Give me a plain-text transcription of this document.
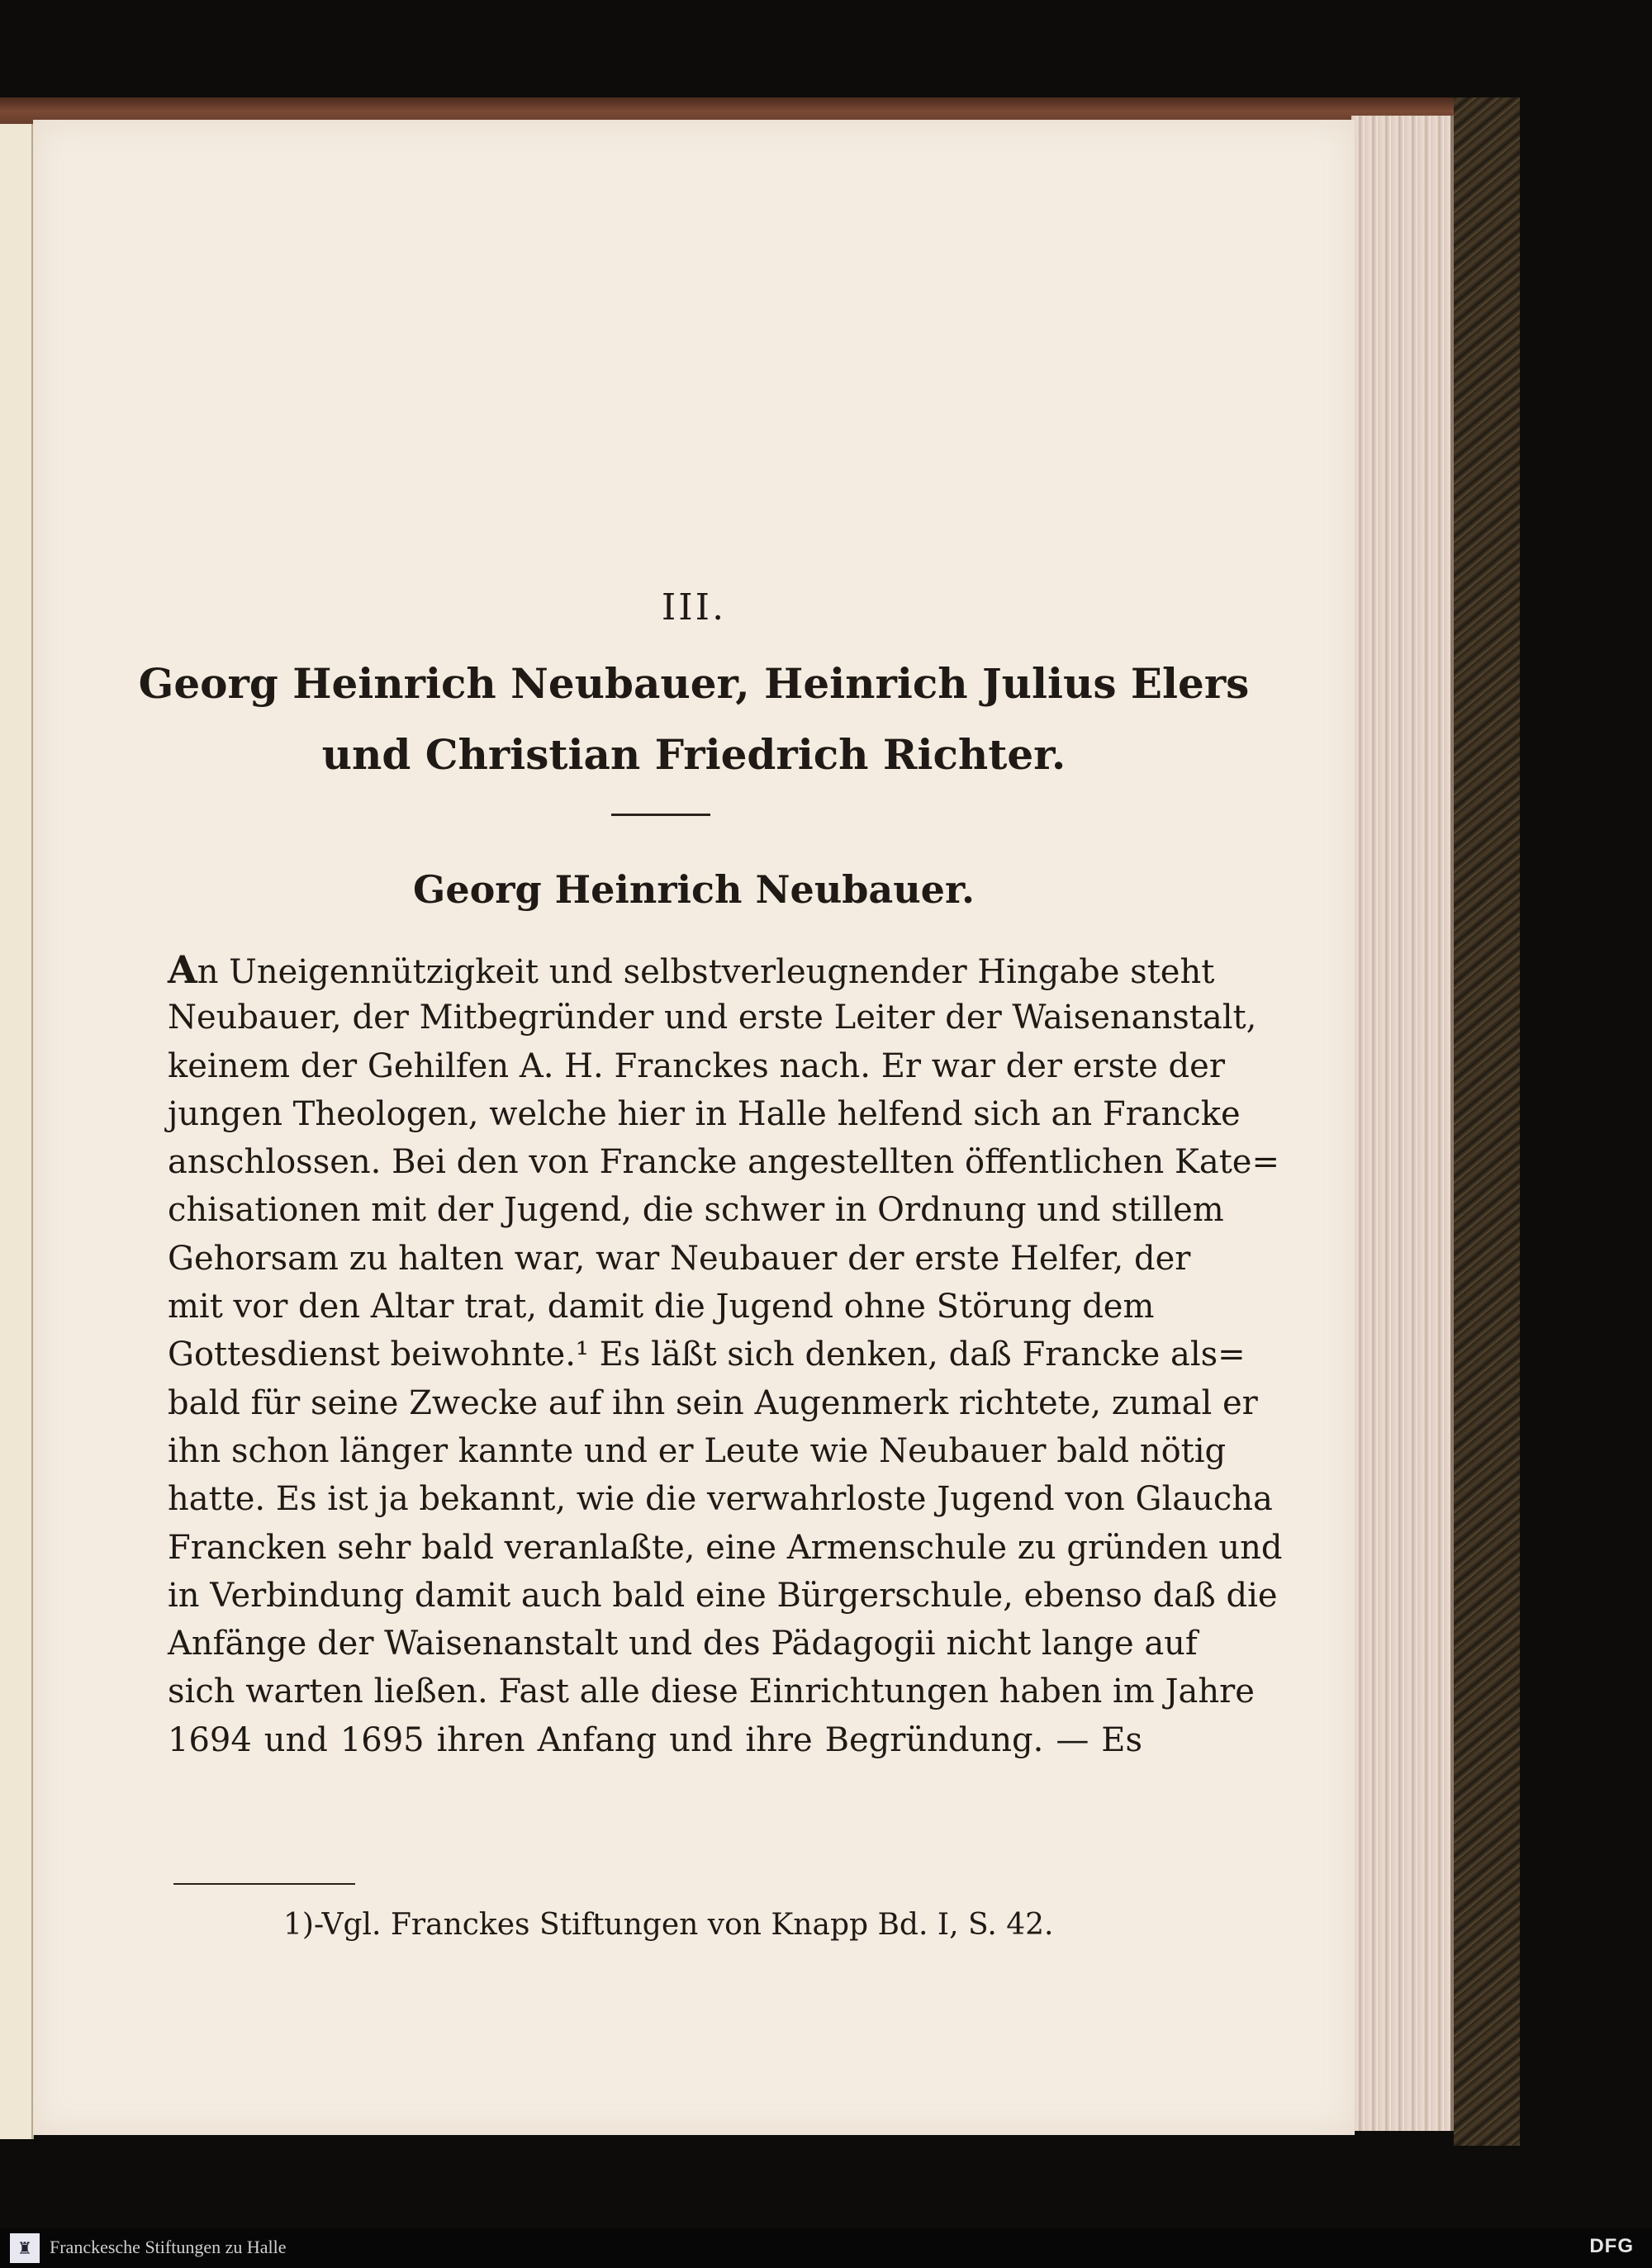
III.
Georg Heinrich Neubauer, Heinrich Julius Elers
und Christian Friedrich Richter.
Georg Heinrich Neubauer.
An Uneigennützigkeit und selbstverleugnender Hingabe steht
Neubauer, der Mitbegründer und erste Leiter der Waisenanstalt,
keinem der Gehilfen A. H. Franckes nach. Er war der erste der
jungen Theologen, welche hier in Halle helfend sich an Francke
anschlossen. Bei den von Francke angestellten öffentlichen Kate=
chisationen mit der Jugend, die schwer in Ordnung und stillem
Gehorsam zu halten war, war Neubauer der erste Helfer, der
mit vor den Altar trat, damit die Jugend ohne Störung dem
Gottesdienst beiwohnte.¹ Es läßt sich denken, daß Francke als=
bald für seine Zwecke auf ihn sein Augenmerk richtete, zumal er
ihn schon länger kannte und er Leute wie Neubauer bald nötig
hatte. Es ist ja bekannt, wie die verwahrloste Jugend von Glaucha
Francken sehr bald veranlaßte, eine Armenschule zu gründen und
in Verbindung damit auch bald eine Bürgerschule, ebenso daß die
Anfänge der Waisenanstalt und des Pädagogii nicht lange auf
sich warten ließen. Fast alle diese Einrichtungen haben im Jahre
1694 und 1695 ihren Anfang und ihre Begründung. — Es
1)-Vgl. Franckes Stiftungen von Knapp Bd. I, S. 42.
♜ Franckesche Stiftungen zu Halle	DFG
